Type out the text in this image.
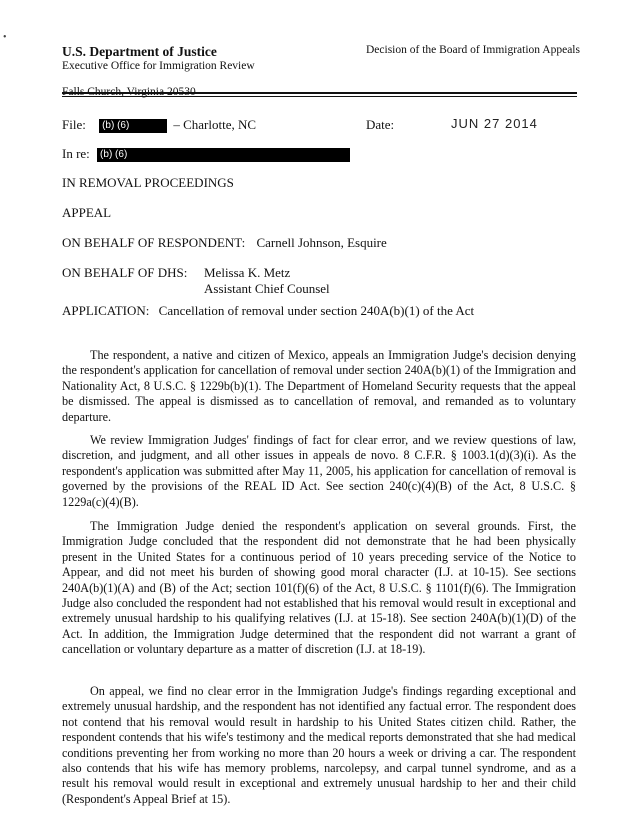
•
U.S. Department of Justice
Executive Office for Immigration Review
Decision of the Board of Immigration Appeals
File: (b) (6)	– Charlotte, NC	Date:	JUN 27 2014
In re: (b) (6)
IN REMOVAL PROCEEDINGS
APPEAL
ON BEHALF OF RESPONDENT: Carnell Johnson, Esquire
ON BEHALF OF DHS: Melissa K. Metz
Assistant Chief Counsel
APPLICATION: Cancellation of removal under section 240A(b)(1) of the Act

The respondent, a native and citizen of Mexico, appeals an Immigration Judge's decision denying the respondent's application for cancellation of removal under section 240A(b)(1) of the Immigration and Nationality Act, 8 U.S.C. § 1229b(b)(1). The Department of Homeland Security requests that the appeal be dismissed. The appeal is dismissed as to cancellation of removal, and remanded as to voluntary departure.

We review Immigration Judges' findings of fact for clear error, and we review questions of law, discretion, and judgment, and all other issues in appeals de novo. 8 C.F.R. § 1003.1(d)(3)(i). As the respondent's application was submitted after May 11, 2005, his application for cancellation of removal is governed by the provisions of the REAL ID Act. See section 240(c)(4)(B) of the Act, 8 U.S.C. § 1229a(c)(4)(B).

The Immigration Judge denied the respondent's application on several grounds. First, the Immigration Judge concluded that the respondent did not demonstrate that he had been physically present in the United States for a continuous period of 10 years preceding service of the Notice to Appear, and did not meet his burden of showing good moral character (I.J. at 10-15). See sections 240A(b)(1)(A) and (B) of the Act; section 101(f)(6) of the Act, 8 U.S.C. § 1101(f)(6). The Immigration Judge also concluded the respondent had not established that his removal would result in exceptional and extremely unusual hardship to his qualifying relatives (I.J. at 15-18). See section 240A(b)(1)(D) of the Act. In addition, the Immigration Judge determined that the respondent did not warrant a grant of cancellation or voluntary departure as a matter of discretion (I.J. at 18-19).

On appeal, we find no clear error in the Immigration Judge's findings regarding exceptional and extremely unusual hardship, and the respondent has not identified any factual error. The respondent does not contend that his removal would result in hardship to his United States citizen child. Rather, the respondent contends that his wife's testimony and the medical reports demonstrated that she had medical conditions preventing her from working no more than 20 hours a week or driving a car. The respondent also contends that his wife has memory problems, narcolepsy, and carpal tunnel syndrome, and as a result his removal would result in exceptional and extremely unusual hardship to her and their child (Respondent's Appeal Brief at 15).
